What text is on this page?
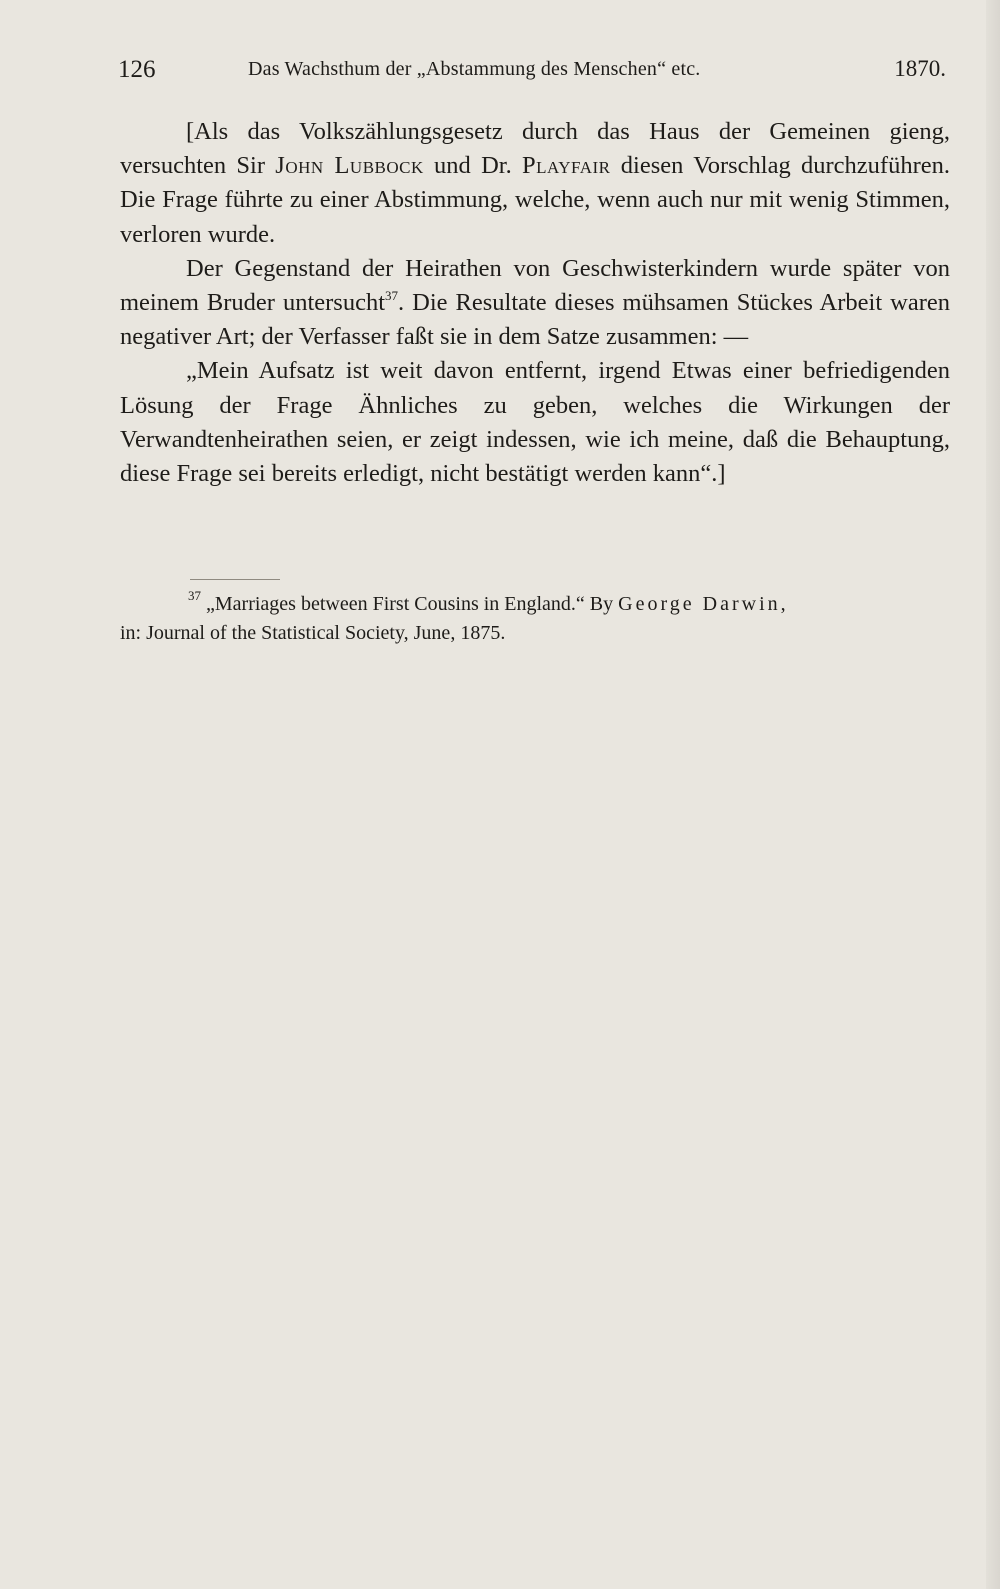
126	Das Wachsthum der „Abstammung des Menschen“ etc.	1870.

[Als das Volkszählungsgesetz durch das Haus der Gemeinen gieng, versuchten Sir John Lubbock und Dr. Playfair diesen Vorschlag durchzuführen. Die Frage führte zu einer Abstimmung, welche, wenn auch nur mit wenig Stimmen, verloren wurde.

Der Gegenstand der Heirathen von Geschwisterkindern wurde später von meinem Bruder untersucht$^{37}$. Die Resultate dieses mühsamen Stückes Arbeit waren negativer Art; der Verfasser faßt sie in dem Satze zusammen: —

„Mein Aufsatz ist weit davon entfernt, irgend Etwas einer befriedigenden Lösung der Frage Ähnliches zu geben, welches die Wirkungen der Verwandtenheirathen seien, er zeigt indessen, wie ich meine, daß die Behauptung, diese Frage sei bereits erledigt, nicht bestätigt werden kann“.]

$^{37}$ „Marriages between First Cousins in England.“ By George Darwin,
in: Journal of the Statistical Society, June, 1875.
